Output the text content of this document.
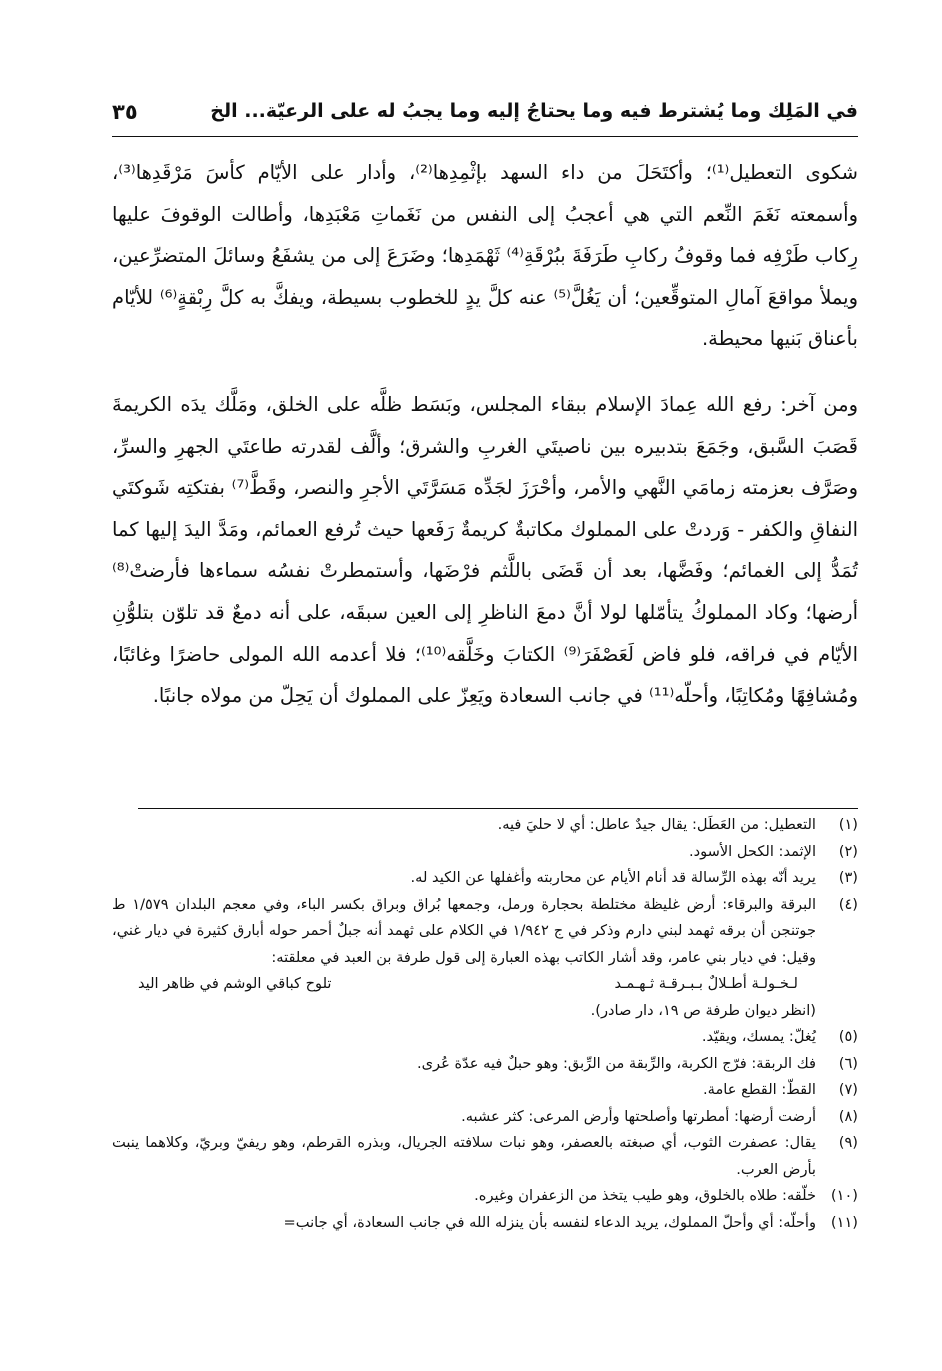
في المَلِك وما يُشترط فيه وما يحتاجُ إليه وما يجبُ له على الرعيّة... الخ
٣٥

شكوى التعطيل⁽¹⁾؛ وأكتَحَلَ من داء السهد بإثْمِدِها⁽²⁾، وأدار على الأيّام كأسَ مَرْقَدِها⁽³⁾، وأسمعته نَغَمَ النِّعم التي هي أعجبُ إلى النفس من نَغَماتِ مَعْبَدِها، وأطالت الوقوفَ عليها رِكاب طَرْفِه فما وقوفُ ركابِ طَرَفَةَ ببُرْقَةِ⁽⁴⁾ ثَهْمَدِها؛ وضَرَعَ إلى من يشفَعُ وسائلَ المتضرِّعين، ويملأ مواقعَ آمالِ المتوقِّعين؛ أن يَغُلَّ⁽⁵⁾ عنه كلَّ يدٍ للخطوب بسيطة، ويفكَّ به كلَّ رِبْقةٍ⁽⁶⁾ للأيّام بأعناق بَنيها محيطة.

ومن آخر: رفع الله عِمادَ الإسلام ببقاء المجلس، وبَسَط ظلَّه على الخلق، ومَلَّك يدَه الكريمةَ قَصَبَ السَّبق، وجَمَعَ بتدبيره بين ناصيتَي الغربِ والشرق؛ وألَّف لقدرته طاعتَي الجهرِ والسرِّ، وصَرَّف بعزمته زمامَي النَّهي والأمر، وأحْرَزَ لجَدِّه مَسَرَّتَي الأجرِ والنصر، وقَطَّ⁽⁷⁾ بفتكتِه شَوكتَي النفاقِ والكفر - وَردتْ على المملوك مكاتبةٌ كريمةٌ رَفَعها حيث تُرفع العمائم، ومَدَّ اليدَ إليها كما تُمَدُّ إلى الغمائم؛ وفَضَّها، بعد أن قَضَى باللَّثم فرْضَها، وأستمطرتْ نفسُه سماءها فأرضتْ⁽⁸⁾ أرضها؛ وكاد المملوكُ يتأمّلها لولا أنَّ دمعَ الناظرِ إلى العين سبقَه، على أنه دمعٌ قد تلوّن بتلوُّنِ الأيّام في فراقه، فلو فاض لَعَصْفَرَ⁽⁹⁾ الكتابَ وخَلَّقه⁽¹⁰⁾؛ فلا أعدمه الله المولى حاضرًا وغائبًا، ومُشافِهًا ومُكاتِبًا، وأحلّه⁽¹¹⁾ في جانب السعادة ويَعِزّ على المملوك أن يَحِلّ من مولاه جانبًا.

(١)
التعطيل: من العَطَل: يقال جيدٌ عاطل: أي لا حليَ فيه.
(٢)
الإثمد: الكحل الأسود.
(٣)
يريد أنّه بهذه الرِّسالة قد أنام الأيام عن محاربته وأغفلها عن الكيد له.
(٤)
البرقة والبرقاء: أرض غليظة مختلطة بحجارة ورمل، وجمعها بُراق وبراق بكسر الباء، وفي معجم البلدان ١/٥٧٩ ط جوتنجن أن برقه ثهمد لبني دارم وذكر في ج ١/٩٤٢ في الكلام على ثهمد أنه جبلٌ أحمر حوله أبارق كثيرة في ديار غني، وقيل: في ديار بني عامر، وقد أشار الكاتب بهذه العبارة إلى قول طرفة بن العبد في معلقته:
لـخـولـة أطـلالٌ بـبـرقـة ثـهـمـد
تلوح كباقي الوشم في ظاهر اليد
(انظر ديوان طرفة ص ١٩، دار صادر).
(٥)
يُغلّ: يمسك، ويقيّد.
(٦)
فك الربقة: فرّج الكربة، والرِّبقة من الرِّبق: وهو حبلٌ فيه عدّة عُرى.
(٧)
القطّ: القطع عامة.
(٨)
أرضت أرضها: أمطرتها وأصلحتها وأرض المرعى: كثر عشبه.
(٩)
يقال: عصفرت الثوب، أي صبغته بالعصفر، وهو نبات سلافته الجريال، وبذره القرطم، وهو ريفيّ وبريّ، وكلاهما ينبت بأرض العرب.
(١٠)
خلّقه: طلاه بالخلوق، وهو طيب يتخذ من الزعفران وغيره.
(١١)
وأحلّه: أي وأحلّ المملوك، يريد الدعاء لنفسه بأن ينزله الله في جانب السعادة، أي جانب=
